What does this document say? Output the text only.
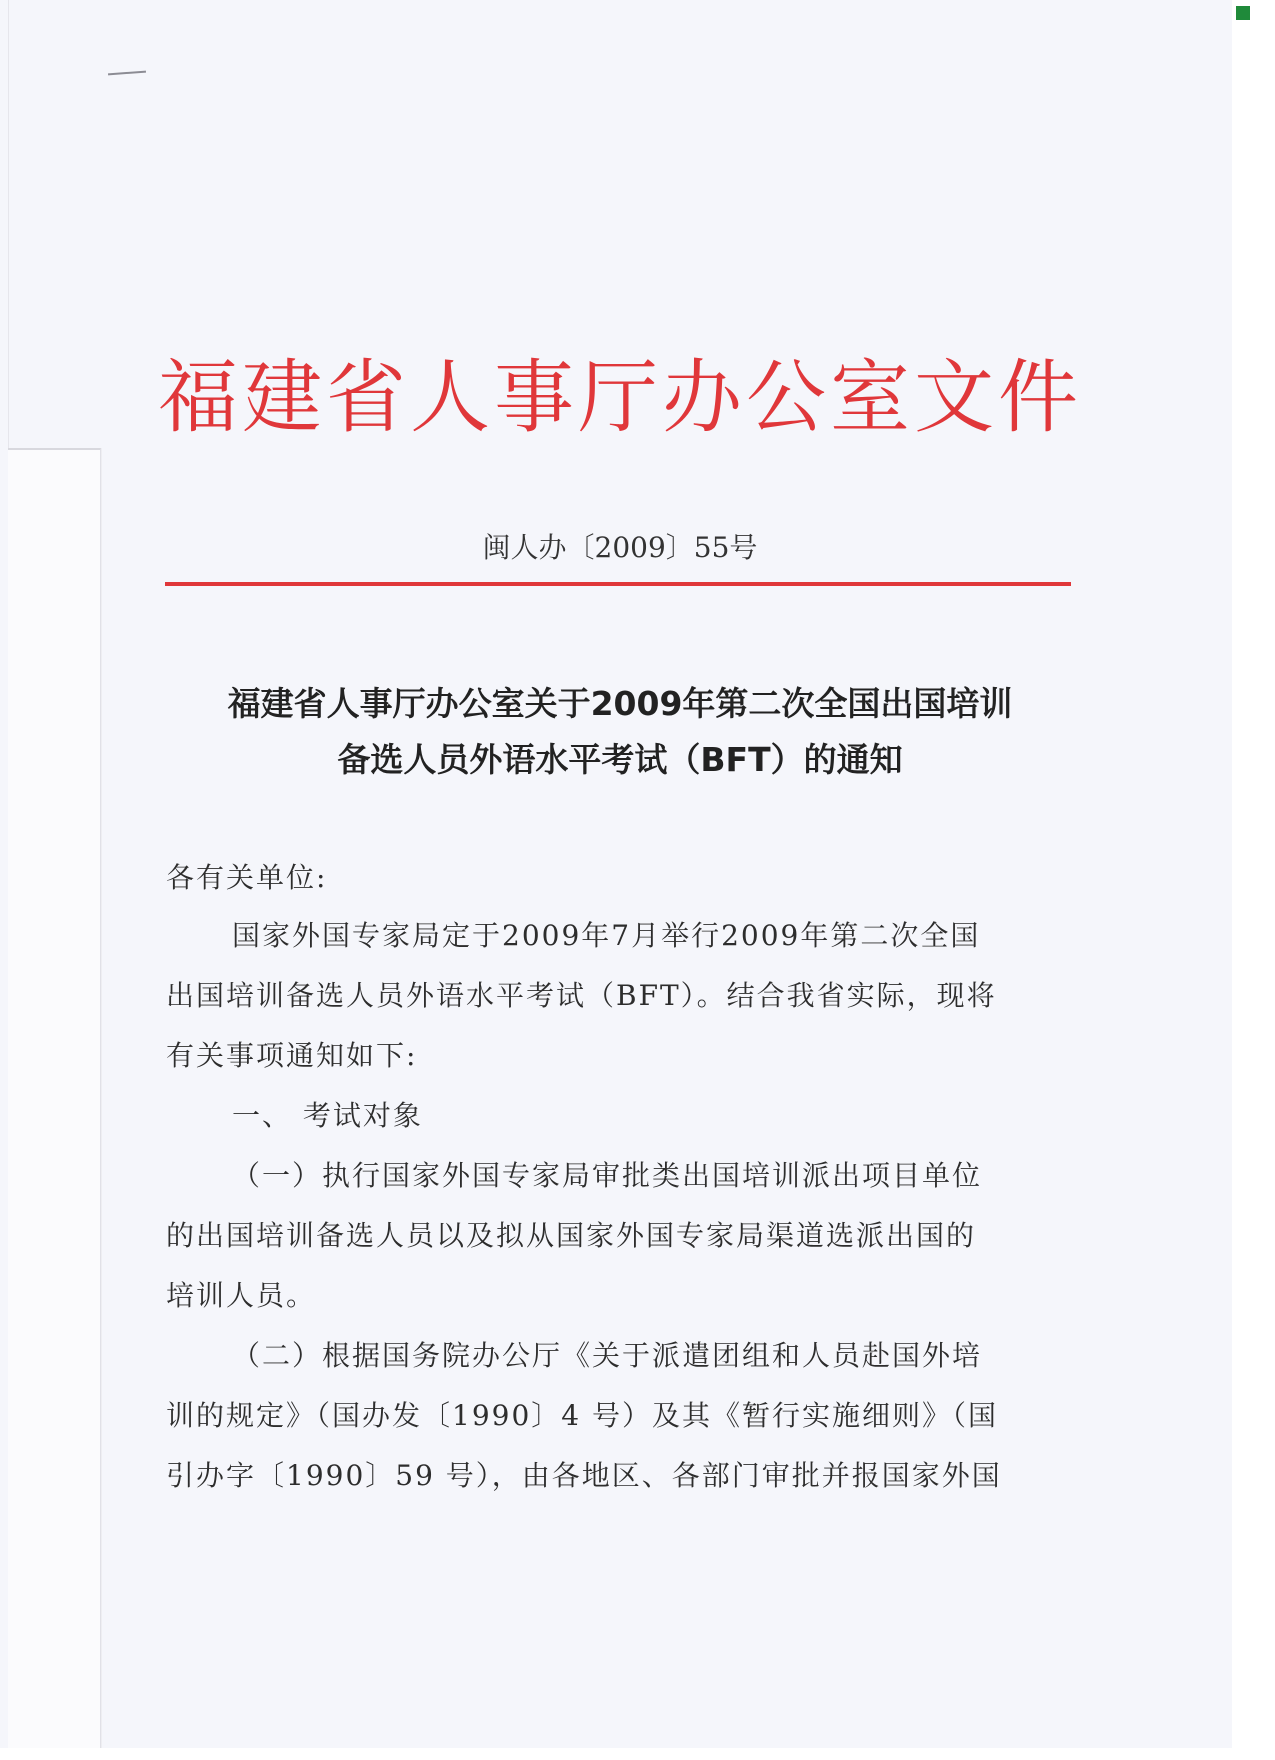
福建省人事厅办公室文件
闽人办〔2009〕55号
福建省人事厅办公室关于2009年第二次全国出国培训
备选人员外语水平考试（BFT）的通知
各有关单位:
国家外国专家局定于2009年7月举行2009年第二次全国
出国培训备选人员外语水平考试（BFT）。结合我省实际，现将
有关事项通知如下:
一、 考试对象
（一）执行国家外国专家局审批类出国培训派出项目单位
的出国培训备选人员以及拟从国家外国专家局渠道选派出国的
培训人员。
（二）根据国务院办公厅《关于派遣团组和人员赴国外培
训的规定》（国办发〔1990〕4 号）及其《暂行实施细则》（国
引办字〔1990〕59 号），由各地区、各部门审批并报国家外国
